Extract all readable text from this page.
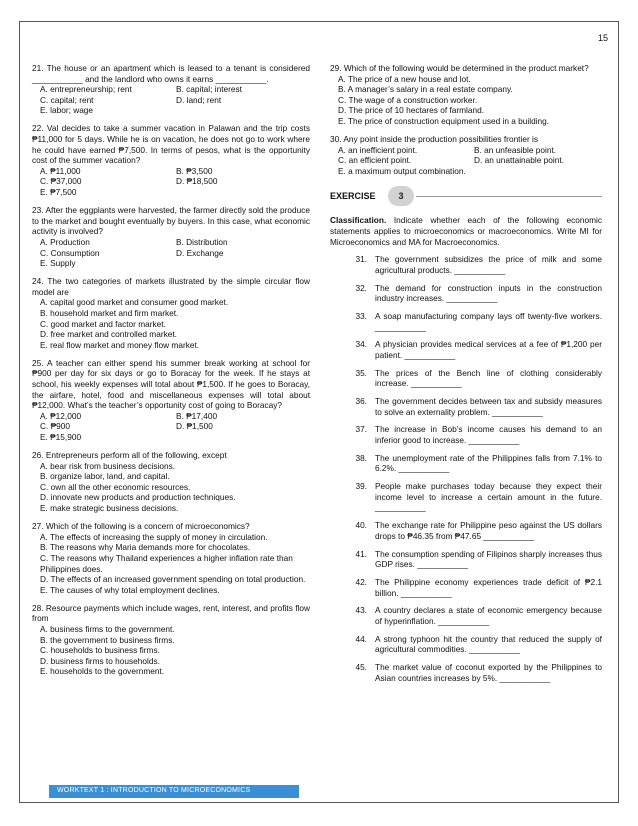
15
21. The house or an apartment which is leased to a tenant is considered ___________ and the landlord who owns it earns ___________.
A. entrepreneurship; rent	B. capital; interest
C. capital; rent	D. land; rent
E. labor; wage
22. Val decides to take a summer vacation in Palawan and the trip costs ₱11,000 for 5 days. While he is on vacation, he does not go to work where he could have earned ₱7,500. In terms of pesos, what is the opportunity cost of the summer vacation?
A. ₱11,000	B. ₱3,500
C. ₱37,000	D. ₱18,500
E. ₱7,500
23. After the eggplants were harvested, the farmer directly sold the produce to the market and bought eventually by buyers. In this case, what economic activity is involved?
A. Production	B. Distribution
C. Consumption	D. Exchange
E. Supply
24. The two categories of markets illustrated by the simple circular flow model are
A. capital good market and consumer good market.
B. household market and firm market.
C. good market and factor market.
D. free market and controlled market.
E. real flow market and money flow market.
25. A teacher can either spend his summer break working at school for ₱900 per day for six days or go to Boracay for the week. If he stays at school, his weekly expenses will total about ₱1,500. If he goes to Boracay, the airfare, hotel, food and miscellaneous expenses will total about ₱12,000. What’s the teacher’s opportunity cost of going to Boracay?
A. ₱12,000	B. ₱17,400
C. ₱900	D. ₱1,500
E. ₱15,900
26. Entrepreneurs perform all of the following, except
A. bear risk from business decisions.
B. organize labor, land, and capital.
C. own all the other economic resources.
D. innovate new products and production techniques.
E. make strategic business decisions.
27. Which of the following is a concern of microeconomics?
A. The effects of increasing the supply of money in circulation.
B. The reasons why Maria demands more for chocolates.
C. The reasons why Thailand experiences a higher inflation rate than Philippines does.
D. The effects of an increased government spending on total production.
E. The causes of why total employment declines.
28. Resource payments which include wages, rent, interest, and profits flow from
A. business firms to the government.
B. the government to business firms.
C. households to business firms.
D. business firms to households.
E. households to the government.
29. Which of the following would be determined in the product market?
A. The price of a new house and lot.
B. A manager’s salary in a real estate company.
C. The wage of a construction worker.
D. The price of 10 hectares of farmland.
E. The price of construction equipment used in a building.
30. Any point inside the production possibilities frontier is
A. an inefficient point.	B. an unfeasible point.
C. an efficient point.	D. an unattainable point.
E. a maximum output combination.
EXERCISE	3
Classification. Indicate whether each of the following economic statements applies to microeconomics or macroeconomics. Write MI for Microeconomics and MA for Macroeconomics.
31. The government subsidizes the price of milk and some agricultural products. ___________
32. The demand for construction inputs in the construction industry increases. ___________
33. A soap manufacturing company lays off twenty-five workers. ___________
34. A physician provides medical services at a fee of ₱1,200 per patient. ___________
35. The prices of the Bench line of clothing considerably increase. ___________
36. The government decides between tax and subsidy measures to solve an externality problem. ___________
37. The increase in Bob’s income causes his demand to an inferior good to increase. ___________
38. The unemployment rate of the Philippines falls from 7.1% to 6.2%. ___________
39. People make purchases today because they expect their income level to increase a certain amount in the future. ___________
40. The exchange rate for Philippine peso against the US dollars drops to ₱46.35 from ₱47.65 ___________
41. The consumption spending of Filipinos sharply increases thus GDP rises. ___________
42. The Philippine economy experiences trade deficit of ₱2.1 billion. ___________
43. A country declares a state of economic emergency because of hyperinflation. ___________
44. A strong typhoon hit the country that reduced the supply of agricultural commodities. ___________
45. The market value of coconut exported by the Philippines to Asian countries increases by 5%. ___________
WORKTEXT 1 : INTRODUCTION TO MICROECONOMICS
